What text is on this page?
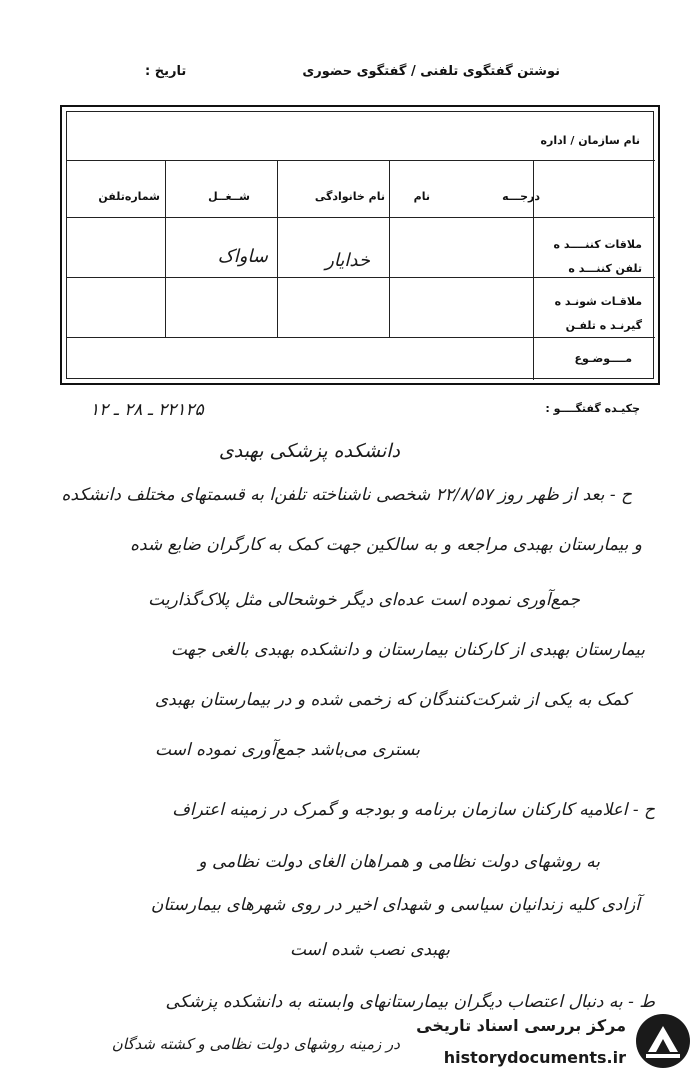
نوشتن گفتگوی تلفنی / گفتگوی حضوری
تاریخ :
نام سازمان / اداره
درجـــه
نام
نام خانوادگی
شــغــل
شماره‌تلفن
ملاقات کننــــد ه
تلفن کننـــد ه
خدایار
ساواک
ملاقـات شونـد ه
گیرنـد ه تلفـن
مــــوضـوع
چکیـده گفتگــــو :
۲۲۱۲۵ ـ ۲۸ ـ ۱۲
دانشکده پزشکی بهبدی
ح - بعد از ظهر روز ۲۲/۸/۵۷ شخصی ناشناخته تلفن‌ا به قسمتهای مختلف دانشکده
و بیمارستان بهبدی مراجعه و به سالکین جهت کمک به کارگران ضایع شده
جمع‌آوری نموده است عده‌ای دیگر خوشحالی مثل پلاک‌گذاریت
بیمارستان بهبدی از کارکنان بیمارستان و دانشکده بهبدی بالغی جهت
کمک به یکی از شرکت‌کنندگان که زخمی شده و در بیمارستان بهبدی
بستری می‌باشد جمع‌آوری نموده است
ح - اعلامیه کارکنان سازمان برنامه و بودجه و گمرک در زمینه اعتراف
به روشهای دولت نظامی و همراهان الغای دولت نظامی و
آزادی کلیه زندانیان سیاسی و شهدای اخیر در روی شهرهای بیمارستان
بهبدی نصب شده است
ط - به دنبال اعتصاب دیگران بیمارستانهای وابسته به دانشکده پزشکی
در زمینه روشهای دولت نظامی و کشته شدگان
مرکز بررسی اسناد تاریخی
historydocuments.ir
